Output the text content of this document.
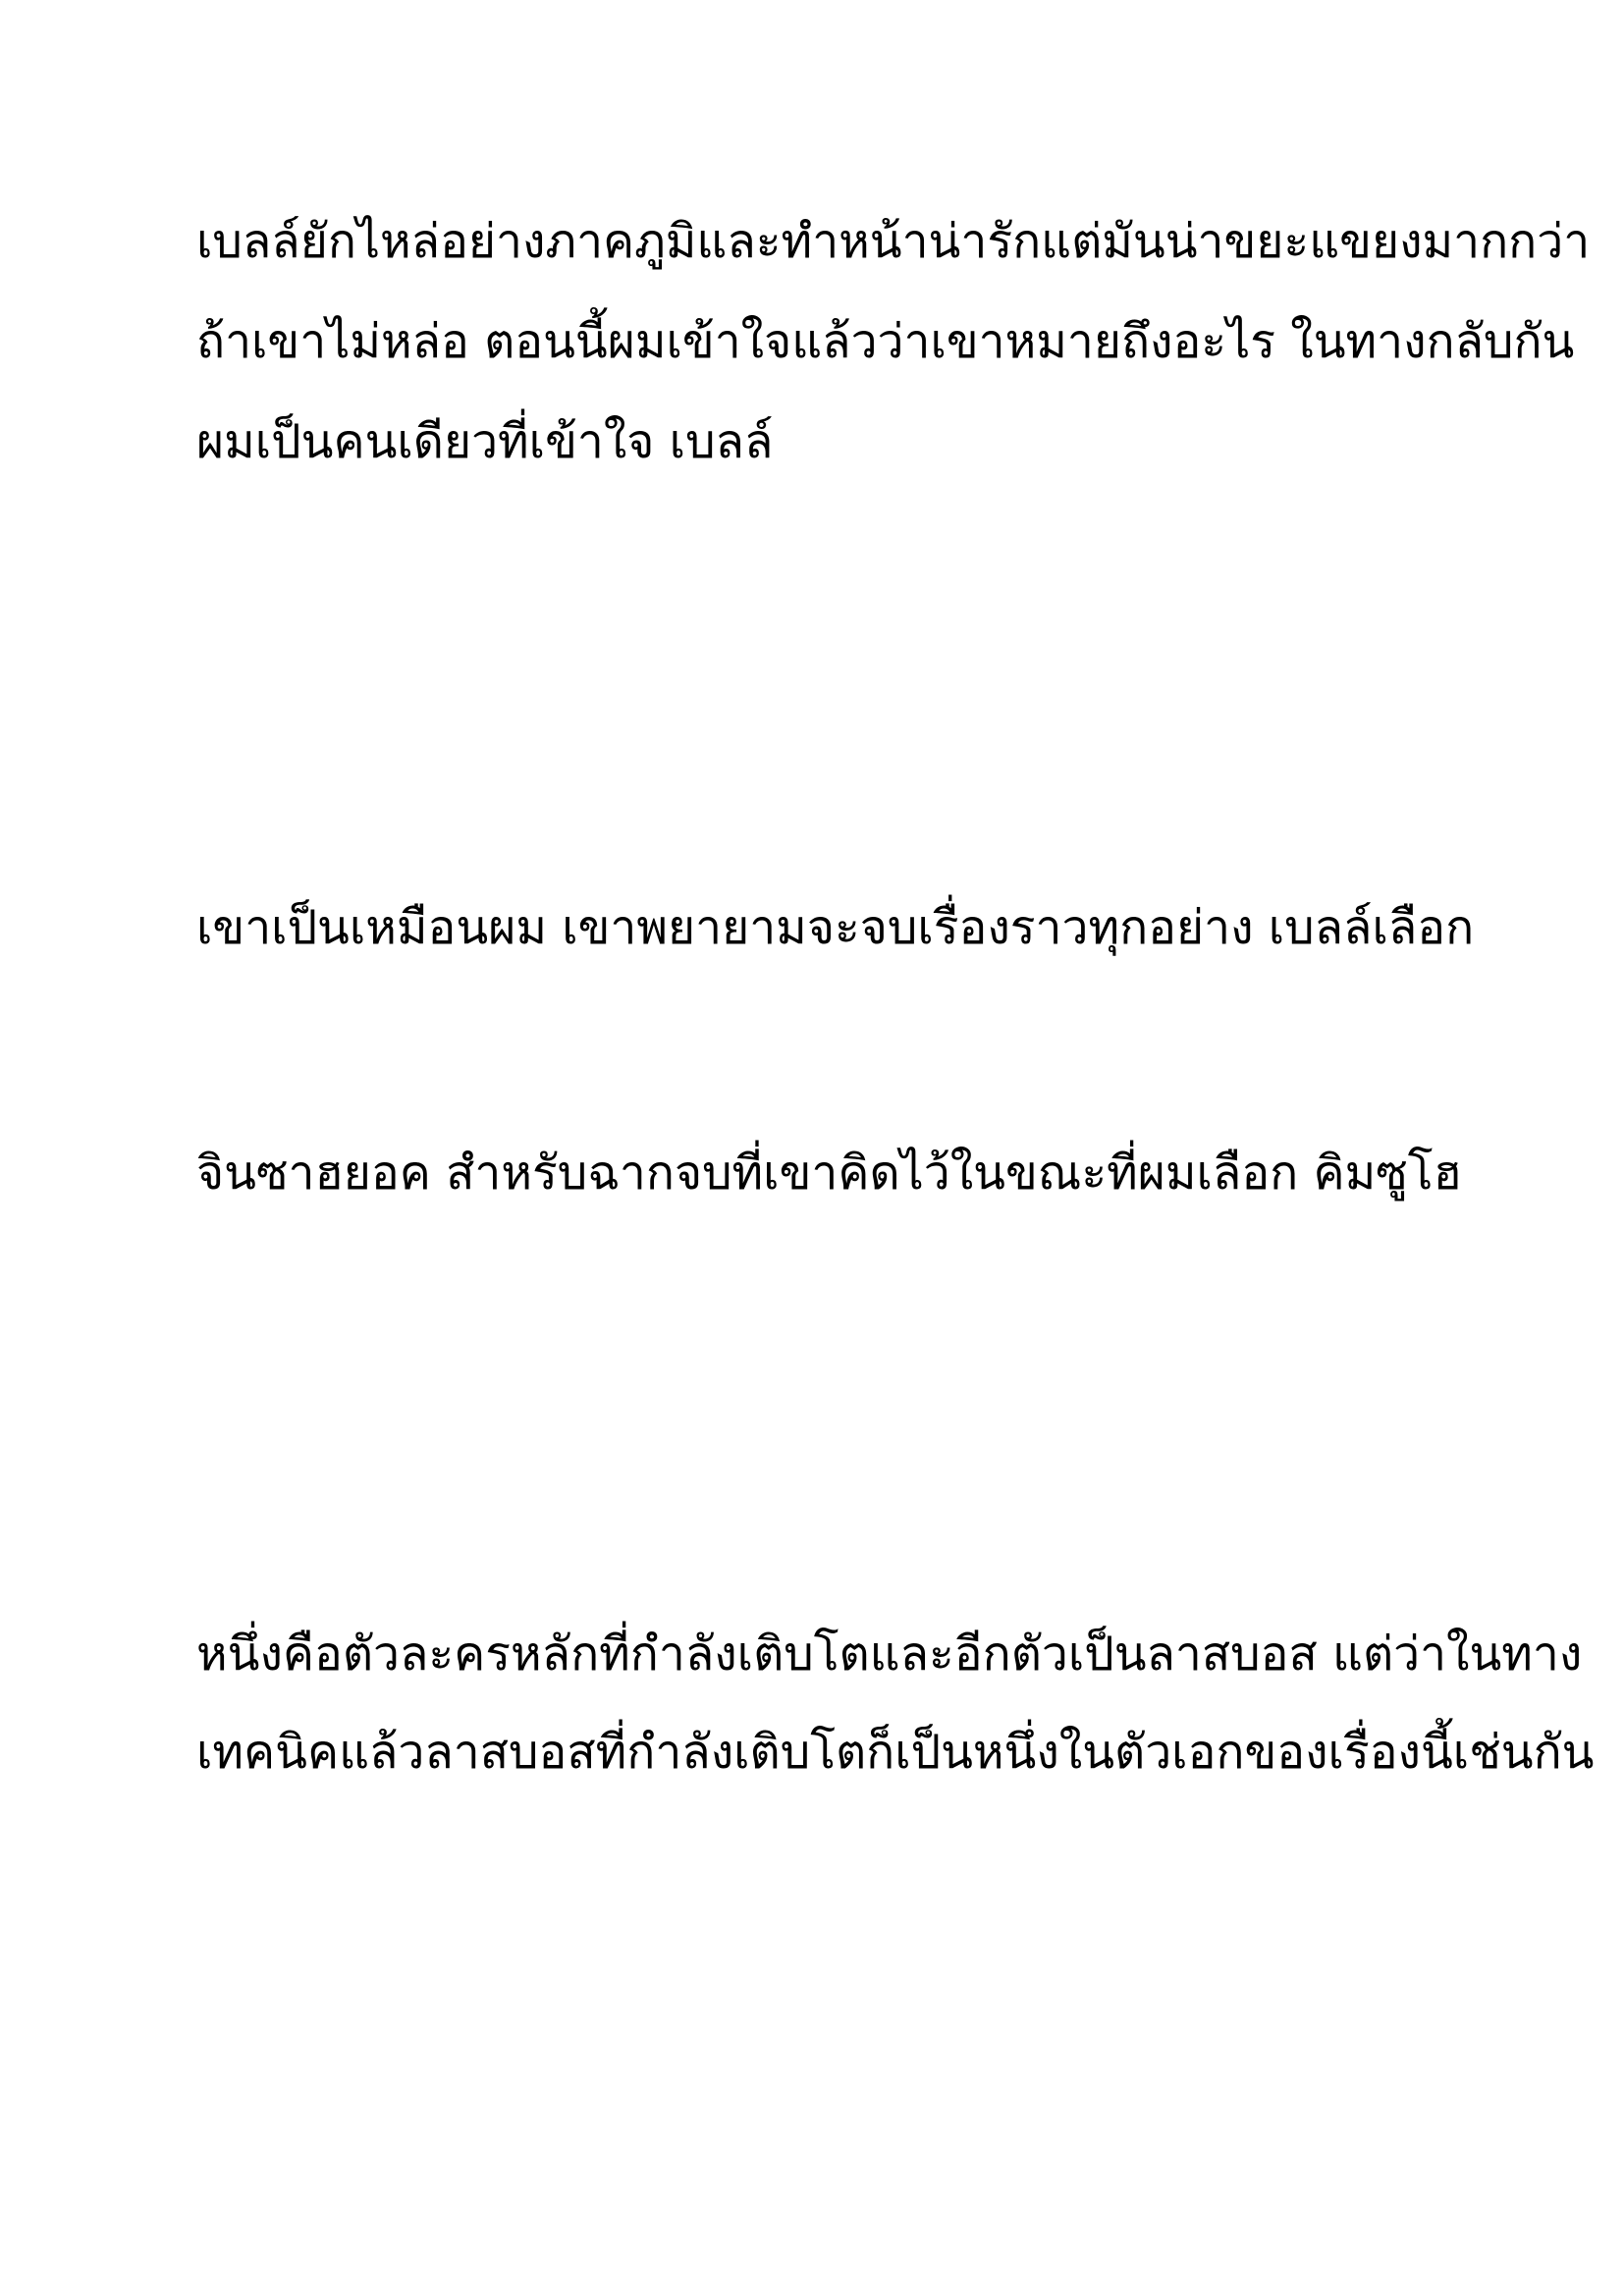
เบลล์ยักไหล่อย่างภาคภูมิและทำหน้าน่ารักแต่มันน่าขยะแขยงมากกว่า
ถ้าเขาไม่หล่อ ตอนนี้ผมเข้าใจแล้วว่าเขาหมายถึงอะไร ในทางกลับกัน
ผมเป็นคนเดียวที่เข้าใจ เบลล์
เขาเป็นเหมือนผม เขาพยายามจะจบเรื่องราวทุกอย่าง เบลล์เลือก
จินซาฮยอค สำหรับฉากจบที่เขาคิดไว้ในขณะที่ผมเลือก คิมซูโฮ
หนึ่งคือตัวละครหลักที่กำลังเติบโตและอีกตัวเป็นลาสบอส แต่ว่าในทาง
เทคนิคแล้วลาสบอสที่กำลังเติบโตก็เป็นหนึ่งในตัวเอกของเรื่องนี้เช่นกัน
